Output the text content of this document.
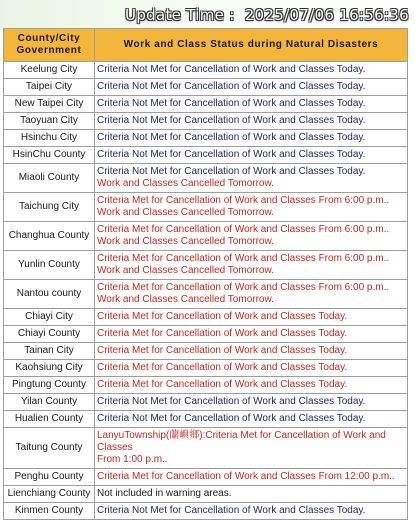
Update Time :  2025/07/06 16:56:36
County/City Government	Work and Class Status during Natural Disasters
Keelung City	Criteria Not Met for Cancellation of Work and Classes Today.

Taipei City	Criteria Not Met for Cancellation of Work and Classes Today.

New Taipei City	Criteria Not Met for Cancellation of Work and Classes Today.

Taoyuan City	Criteria Not Met for Cancellation of Work and Classes Today.

Hsinchu City	Criteria Not Met for Cancellation of Work and Classes Today.

HsinChu County	Criteria Not Met for Cancellation of Work and Classes Today.

Miaoli County	Criteria Not Met for Cancellation of Work and Classes Today.
Work and Classes Cancelled Tomorrow.

Taichung City	Criteria Met for Cancellation of Work and Classes From 6:00 p.m..
Work and Classes Cancelled Tomorrow.

Changhua County	Criteria Met for Cancellation of Work and Classes From 6:00 p.m..
Work and Classes Cancelled Tomorrow.

Yunlin County	Criteria Met for Cancellation of Work and Classes From 6:00 p.m..
Work and Classes Cancelled Tomorrow.

Nantou county	Criteria Met for Cancellation of Work and Classes From 6:00 p.m..
Work and Classes Cancelled Tomorrow.

Chiayi City	Criteria Met for Cancellation of Work and Classes Today.

Chiayi County	Criteria Met for Cancellation of Work and Classes Today.

Tainan City	Criteria Met for Cancellation of Work and Classes Today.

Kaohsiung City	Criteria Met for Cancellation of Work and Classes Today.

Pingtung County	Criteria Met for Cancellation of Work and Classes Today.

Yilan County	Criteria Not Met for Cancellation of Work and Classes Today.

Hualien County	Criteria Not Met for Cancellation of Work and Classes Today.

Taitung County	LanyuTownship(蘭嶼鄉):Criteria Met for Cancellation of Work and Classes
From 1:00 p.m..

Penghu County	Criteria Met for Cancellation of Work and Classes From 12:00 p.m..

Lienchiang County	Not included in warning areas.

Kinmen County	Criteria Not Met for Cancellation of Work and Classes Today.
